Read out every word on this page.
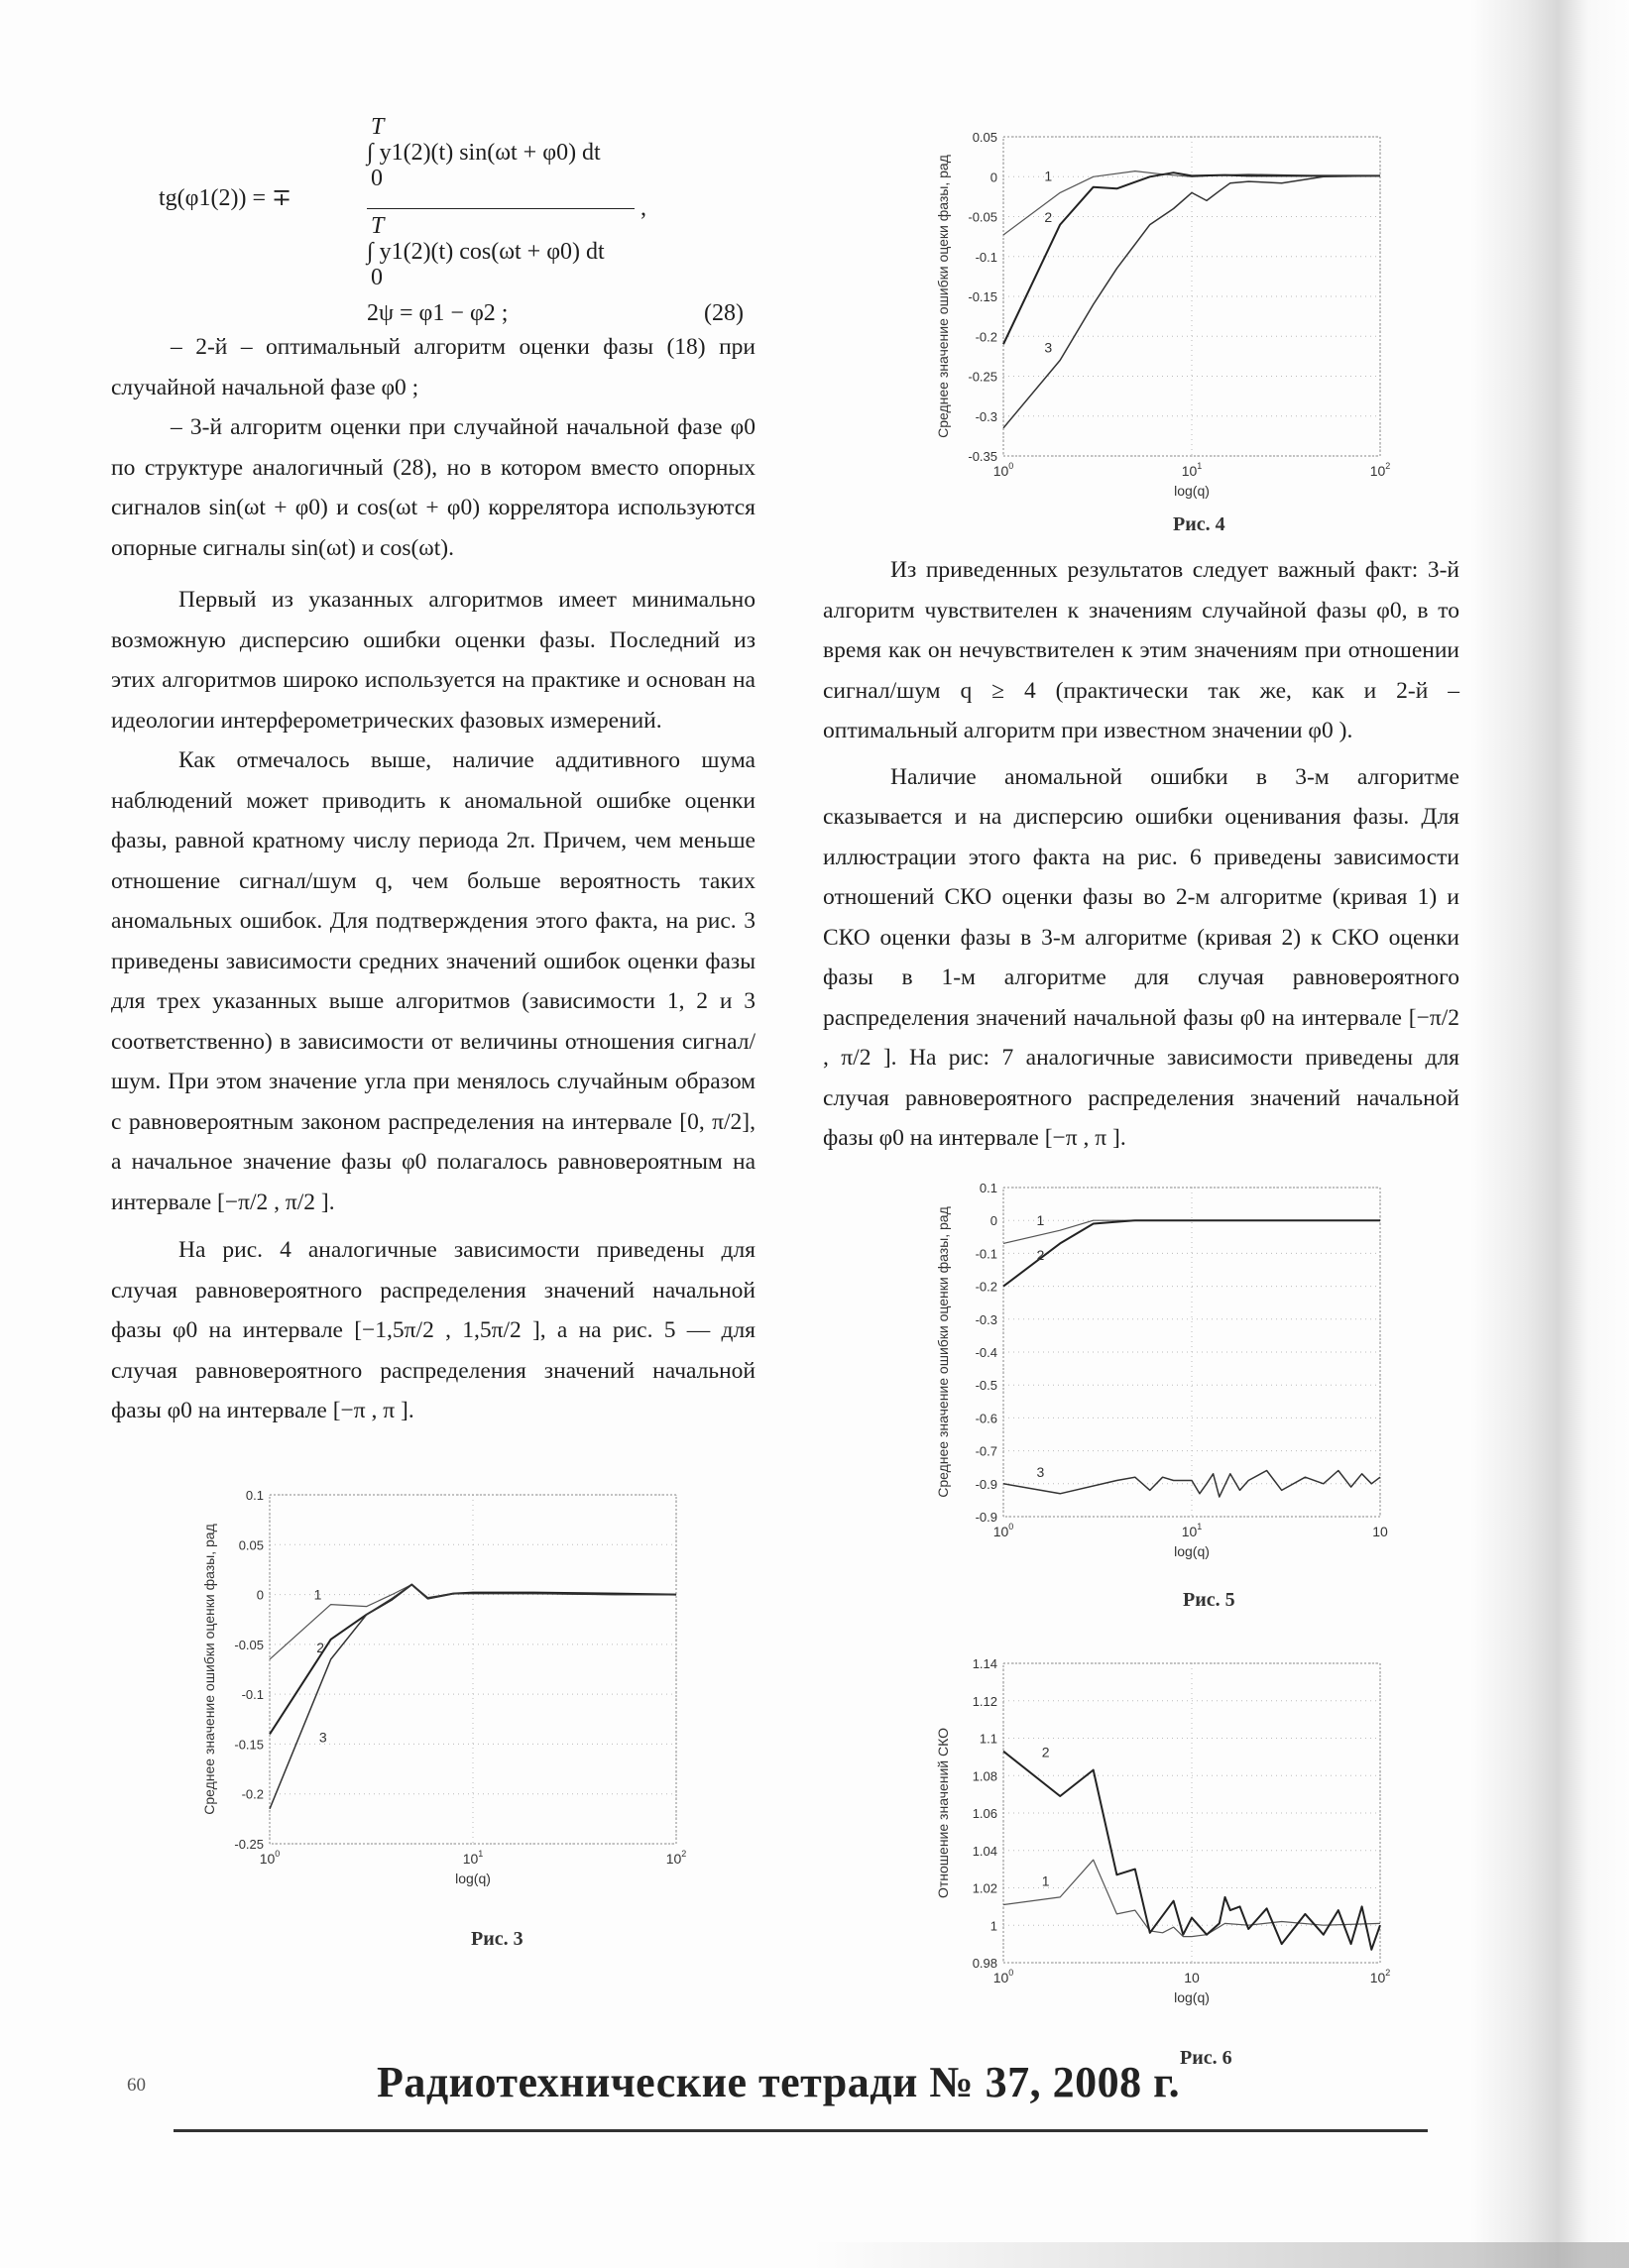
tg(φ1(2)) = ∓
T
∫ y1(2)(t) sin(ωt + φ0) dt
0
,
T
∫ y1(2)(t) cos(ωt + φ0) dt
0
2ψ = φ1 − φ2 ;	(28)

– 2-й – оптимальный алгоритм оценки фазы (18) при случайной начальной фазе φ0 ;

– 3-й алгоритм оценки при случайной начальной фазе φ0 по структуре аналогичный (28), но в котором вместо опорных сигналов sin(ωt + φ0) и cos(ωt + φ0) коррелятора используются опорные сигналы sin(ωt) и cos(ωt).

Первый из указанных алгоритмов имеет минимально возможную дисперсию ошибки оценки фазы. Последний из этих алгоритмов широко используется на практике и основан на идеологии интерферометрических фазовых измерений.

Как отмечалось выше, наличие аддитивного шума наблюдений может приводить к аномальной ошибке оценки фазы, равной кратному числу периода 2π. Причем, чем меньше отношение сигнал/шум q, чем больше вероятность таких аномальных ошибок. Для подтверждения этого факта, на рис. 3 приведены зависимости средних значений ошибок оценки фазы для трех указанных выше алгоритмов (зависимости 1, 2 и 3 соответственно) в зависимости от величины отношения сигнал/шум. При этом значение угла при менялось случайным образом с равновероятным законом распределения на интервале [0, π/2], а начальное значение фазы φ0 полагалось равновероятным на интервале [−π/2 , π/2 ].

На рис. 4 аналогичные зависимости приведены для случая равновероятного распределения значений начальной фазы φ0 на интервале [−1,5π/2 , 1,5π/2 ], а на рис. 5 — для случая равновероятного распределения значений начальной фазы φ0 на интервале [−π , π ].

Из приведенных результатов следует важный факт: 3-й алгоритм чувствителен к значениям случайной фазы φ0, в то время как он нечувствителен к этим значениям при отношении сигнал/шум q ≥ 4 (практически так же, как и 2-й – оптимальный алгоритм при известном значении φ0 ).

Наличие аномальной ошибки в 3-м алгоритме сказывается и на дисперсию ошибки оценивания фазы. Для иллюстрации этого факта на рис. 6 приведены зависимости отношений СКО оценки фазы во 2-м алгоритме (кривая 1) и СКО оценки фазы в 3-м алгоритме (кривая 2) к СКО оценки фазы в 1-м алгоритме для случая равновероятного распределения значений начальной фазы φ0 на интервале [−π/2 , π/2 ]. На рис: 7 аналогичные зависимости приведены для случая равновероятного распределения значений начальной фазы φ0 на интервале [−π , π ].

0.1
0.05
0
-0.05
-0.1
-0.15
-0.2
-0.25
$10^0$	$10^1$	$10^2$
1
2
3
log(q)
Среднее значение ошибки оценки фазы, рад
Рис. 3
0.05
0
-0.05
-0.1
-0.15
-0.2
-0.25
-0.3
-0.35
$10^0$	$10^1$	$10^2$
1
2
3
log(q)
Среднее значение ошибки оцеки фазы, рад
Рис. 4
0.1
0
-0.1
-0.2
-0.3
-0.4
-0.5
-0.6
-0.7
-0.9
-0.9
$10^0$	$10^1$	10
1
2
3
log(q)
Среднее значение ошибки оценки фазы, рад
Рис. 5
1.14
1.12
1.1
1.08
1.06
1.04
1.02
1
0.98
$10^0$	10	$10^2$
2
1
log(q)
Отношение значений СКО
Рис. 6
60	Радиотехнические тетради № 37, 2008 г.
